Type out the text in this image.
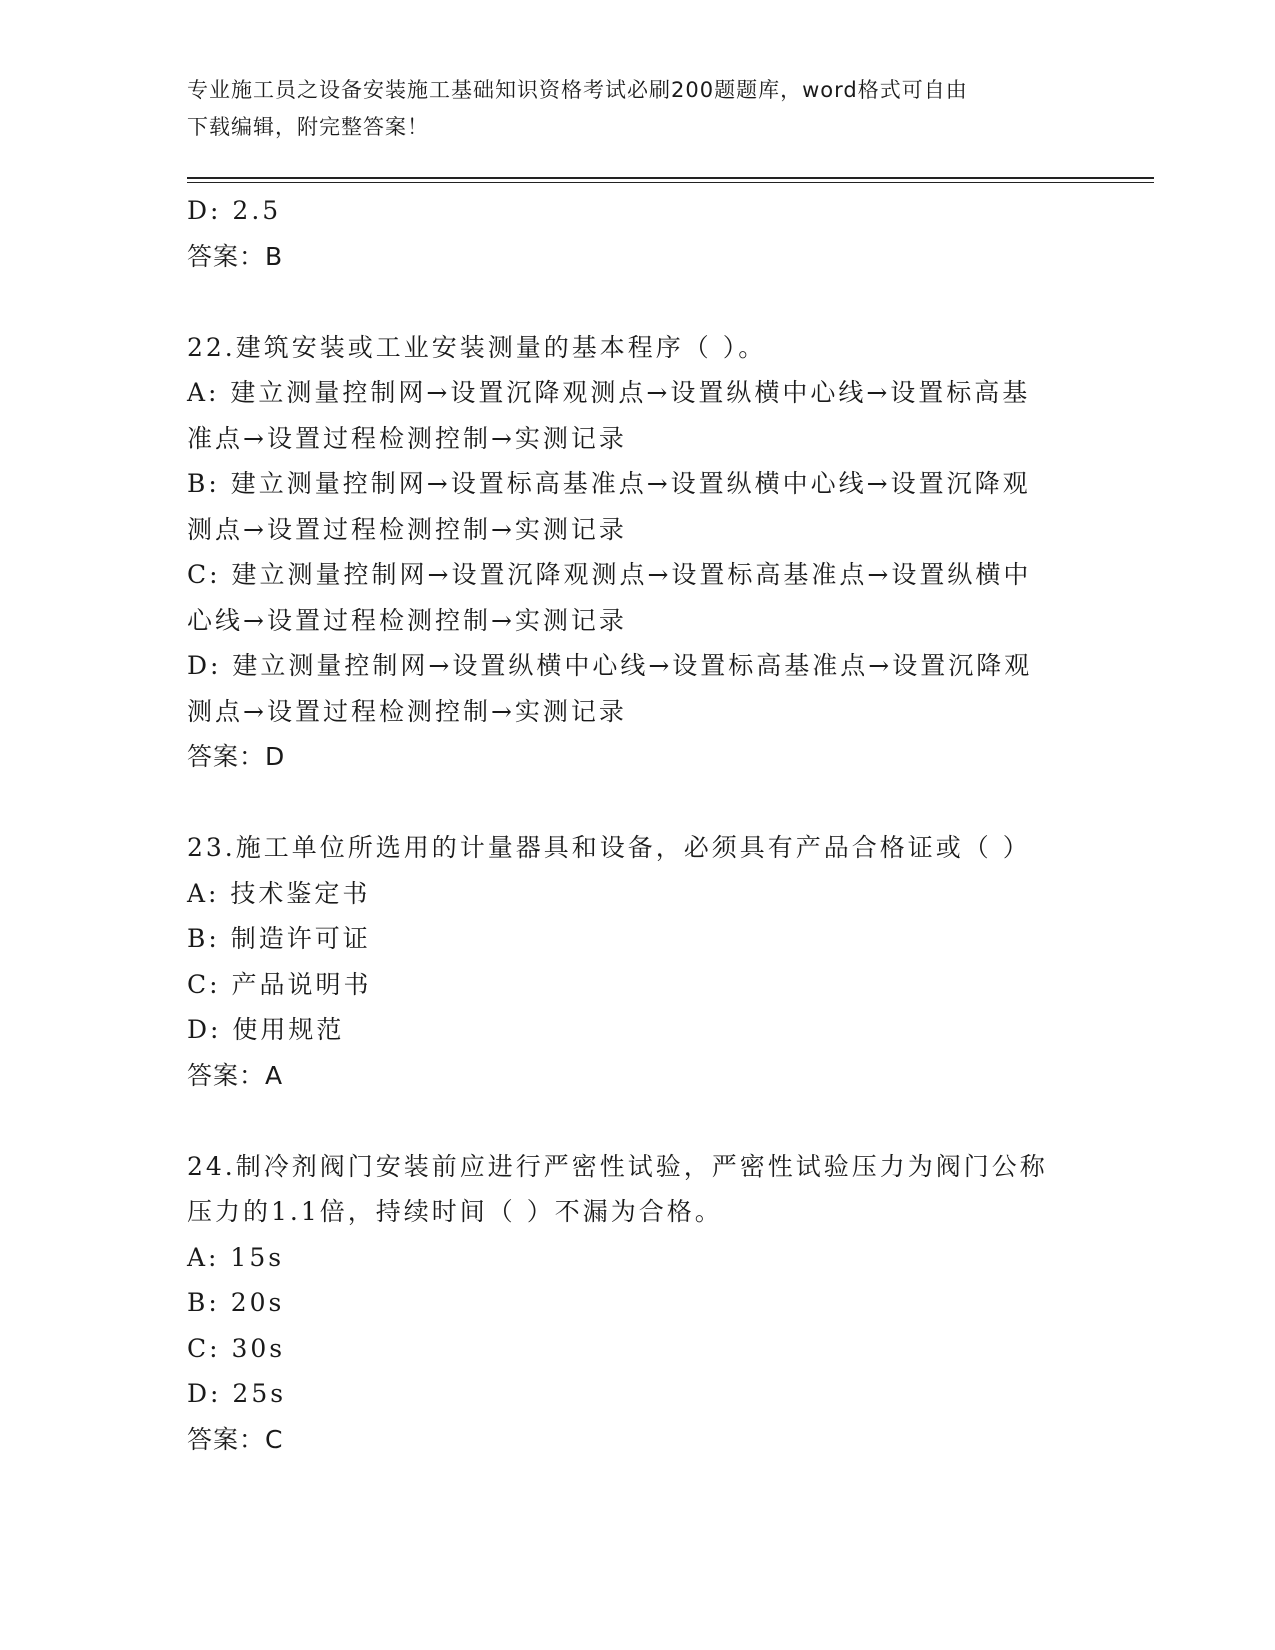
专业施工员之设备安装施工基础知识资格考试必刷200题题库，word格式可自由
下载编辑，附完整答案！

D: 2.5

答案：B

22.建筑安装或工业安装测量的基本程序（ ）。

A: 建立测量控制网→设置沉降观测点→设置纵横中心线→设置标高基

准点→设置过程检测控制→实测记录

B: 建立测量控制网→设置标高基准点→设置纵横中心线→设置沉降观

测点→设置过程检测控制→实测记录

C: 建立测量控制网→设置沉降观测点→设置标高基准点→设置纵横中

心线→设置过程检测控制→实测记录

D: 建立测量控制网→设置纵横中心线→设置标高基准点→设置沉降观

测点→设置过程检测控制→实测记录

答案：D

23.施工单位所选用的计量器具和设备，必须具有产品合格证或（ ）

A: 技术鉴定书

B: 制造许可证

C: 产品说明书

D: 使用规范

答案：A

24.制冷剂阀门安装前应进行严密性试验，严密性试验压力为阀门公称

压力的1.1倍，持续时间（ ）不漏为合格。

A: 15s

B: 20s

C: 30s

D: 25s

答案：C
